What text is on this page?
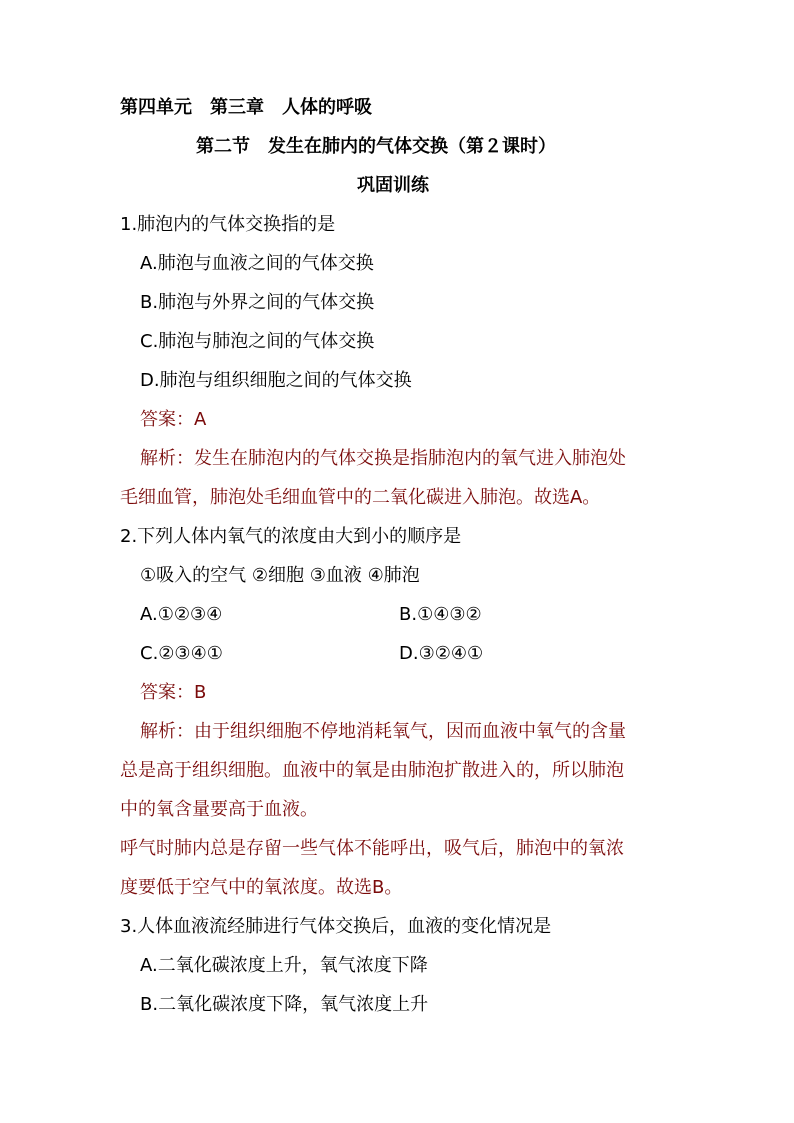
第四单元　第三章　人体的呼吸
第二节　发生在肺内的气体交换（第２课时）
巩固训练
1.肺泡内的气体交换指的是
A.肺泡与血液之间的气体交换
B.肺泡与外界之间的气体交换
C.肺泡与肺泡之间的气体交换
D.肺泡与组织细胞之间的气体交换
答案：A
解析：发生在肺泡内的气体交换是指肺泡内的氧气进入肺泡处
毛细血管，肺泡处毛细血管中的二氧化碳进入肺泡。故选A。
2.下列人体内氧气的浓度由大到小的顺序是
①吸入的空气 ②细胞 ③血液 ④肺泡
A.①②③④	B.①④③②
C.②③④①	D.③②④①
答案：B
解析：由于组织细胞不停地消耗氧气，因而血液中氧气的含量
总是高于组织细胞。血液中的氧是由肺泡扩散进入的，所以肺泡
中的氧含量要高于血液。
呼气时肺内总是存留一些气体不能呼出，吸气后，肺泡中的氧浓
度要低于空气中的氧浓度。故选B。
3.人体血液流经肺进行气体交换后，血液的变化情况是
A.二氧化碳浓度上升，氧气浓度下降
B.二氧化碳浓度下降，氧气浓度上升
